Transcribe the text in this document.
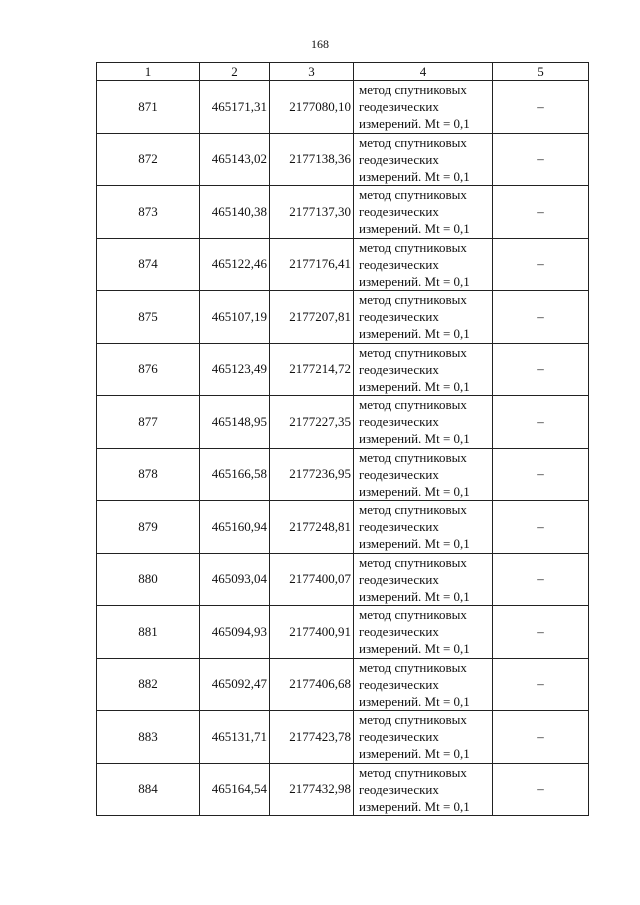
168
1	2	3	4	5
871	465171,31	2177080,10	метод спутниковых
геодезических
измерений. Mt = 0,1	–
872	465143,02	2177138,36	метод спутниковых
геодезических
измерений. Mt = 0,1	–
873	465140,38	2177137,30	метод спутниковых
геодезических
измерений. Mt = 0,1	–
874	465122,46	2177176,41	метод спутниковых
геодезических
измерений. Mt = 0,1	–
875	465107,19	2177207,81	метод спутниковых
геодезических
измерений. Mt = 0,1	–
876	465123,49	2177214,72	метод спутниковых
геодезических
измерений. Mt = 0,1	–
877	465148,95	2177227,35	метод спутниковых
геодезических
измерений. Mt = 0,1	–
878	465166,58	2177236,95	метод спутниковых
геодезических
измерений. Mt = 0,1	–
879	465160,94	2177248,81	метод спутниковых
геодезических
измерений. Mt = 0,1	–
880	465093,04	2177400,07	метод спутниковых
геодезических
измерений. Mt = 0,1	–
881	465094,93	2177400,91	метод спутниковых
геодезических
измерений. Mt = 0,1	–
882	465092,47	2177406,68	метод спутниковых
геодезических
измерений. Mt = 0,1	–
883	465131,71	2177423,78	метод спутниковых
геодезических
измерений. Mt = 0,1	–
884	465164,54	2177432,98	метод спутниковых
геодезических
измерений. Mt = 0,1	–
